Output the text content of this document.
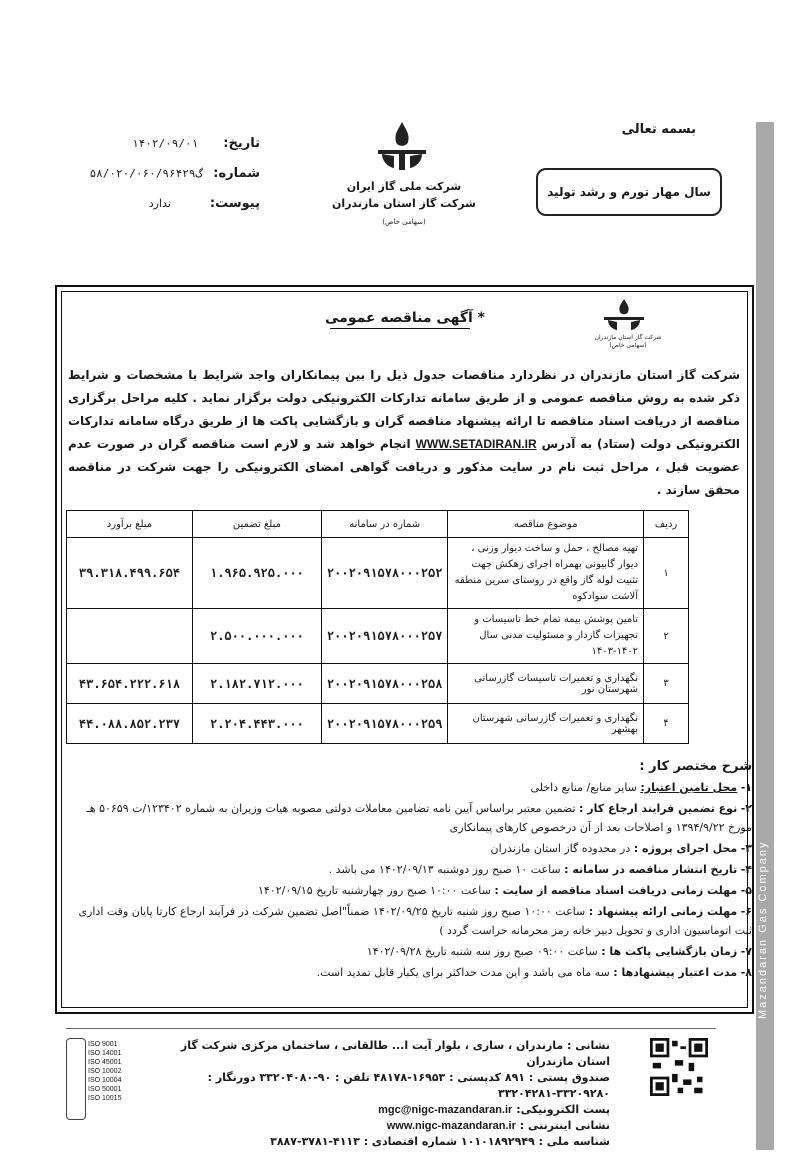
Mazandaran Gas Company
بسمه تعالی
سال مهار تورم و رشد تولید
شرکت ملی گاز ایران
شرکت گاز استان مازندران (سهامی خاص)
تاریخ: ۱۴۰۲/۰۹/۰۱
شماره: گ۵۸/۰۲۰/۰۶۰/۹۶۴۲۹
پیوست: ندارد
شرکت گاز استان مازندران (سهامی خاص)
* آگهی مناقصه عمومی
شرکت گاز استان مازندران در نظردارد مناقصات جدول ذیل را بین پیمانکاران واجد شرایط با مشخصات و شرایط ذکر شده به روش مناقصه عمومی و از طریق سامانه تدارکات الکترونیکی دولت برگزار نماید . کلیه مراحل برگزاری مناقصه از دریافت اسناد مناقصه تا ارائه پیشنهاد مناقصه گران و بازگشایی پاکت ها از طریق درگاه سامانه تدارکات الکترونیکی دولت (ستاد) به آدرس WWW.SETADIRAN.IR انجام خواهد شد و لازم است مناقصه گران در صورت عدم عضویت قبل ، مراحل ثبت نام در سایت مذکور و دریافت گواهی امضای الکترونیکی را جهت شرکت در مناقصه محقق سازند .
ردیف	موضوع مناقصه	شماره در سامانه	مبلغ تضمین	مبلغ برآورد
۱	تهیه مصالح ، حمل و ساخت دیوار وزنی ، دیوار گابیونی بهمراه اجرای زهکش جهت تثبیت لوله گاز واقع در روستای سرین منطقه آلاشت سوادکوه	۲۰۰۲۰۹۱۵۷۸۰۰۰۲۵۲	۱.۹۶۵.۹۲۵.۰۰۰	۳۹.۳۱۸.۴۹۹.۶۵۴
۲	تامین پوشش بیمه تمام خط تاسیسات و تجهیزات گازدار و مسئولیت مدنی سال ۱۴۰۲-۱۴۰۳	۲۰۰۲۰۹۱۵۷۸۰۰۰۲۵۷	۲.۵۰۰.۰۰۰.۰۰۰	
۳	نگهداری و تعمیرات تاسیسات گازرسانی شهرستان نور	۲۰۰۲۰۹۱۵۷۸۰۰۰۲۵۸	۲.۱۸۲.۷۱۲.۰۰۰	۴۳.۶۵۴.۲۲۲.۶۱۸
۴	نگهداری و تعمیرات گازرسانی شهرستان بهشهر	۲۰۰۲۰۹۱۵۷۸۰۰۰۲۵۹	۲.۲۰۴.۴۴۳.۰۰۰	۴۴.۰۸۸.۸۵۲.۲۳۷
شرح مختصر کار :
۱- محل تامین اعتبار: سایر منابع/ منابع داخلی
۲- نوع تضمین فرایند ارجاع کار : تضمین معتبر براساس آیین نامه تضامین معاملات دولتی مصوبه هیات وزیران به شماره ۱۲۳۴۰۲/ت ۵۰۶۵۹ هـ مورخ ۱۳۹۴/۹/۲۲ و اصلاحات بعد از آن درخصوص کارهای پیمانکاری
۳- محل اجرای پروژه : در محدوده گاز استان مازندران
۴- تاریخ انتشار مناقصه در سامانه : ساعت ۱۰ صبح روز دوشنبه ۱۴۰۲/۰۹/۱۳ می باشد .
۵- مهلت زمانی دریافت اسناد مناقصه از سایت : ساعت ۱۰:۰۰ صبح روز چهارشنبه تاریخ ۱۴۰۲/۰۹/۱۵
۶- مهلت زمانی ارائه پیشنهاد : ساعت ۱۰:۰۰ صبح روز شنبه تاریخ ۱۴۰۲/۰۹/۲۵ ضمناً"اصل تضمین شرکت در فرآیند ارجاع کارتا پایان وقت اداری ثبت اتوماسیون اداری و تحویل دبیر خانه رمز محرمانه حراست گردد )
۷- زمان بازگشایی پاکت ها : ساعت ۰۹:۰۰ صبح روز سه شنبه تاریخ ۱۴۰۲/۰۹/۲۸
۸- مدت اعتبار پیشنهادها : سه ماه می باشد و این مدت حداکثر برای یکبار قابل تمدید است.
ISO 9001
ISO 14001
ISO 45001
ISO 10002
ISO 10004
ISO 50001
ISO 10015
نشانی : مازندران ، ساری ، بلوار آیت ا... طالقانی ، ساختمان مرکزی شرکت گاز استان مازندران
صندوق پستی : ۸۹۱ کدپستی : ۱۶۹۵۳-۴۸۱۷۸ تلفن : ۹۰-۳۳۲۰۴۰۸۰ دورنگار : ۳۳۲۰۹۲۸۰-۳۳۲۰۴۲۸۱
پست الکترونیکی: mgc@nigc-mazandaran.ir
نشانی اینترنتی : www.nigc-mazandaran.ir
شناسه ملی : ۱۰۱۰۱۸۹۲۹۴۹ شماره اقتصادی : ۴۱۱۳-۳۷۸۱-۳۸۸۷
